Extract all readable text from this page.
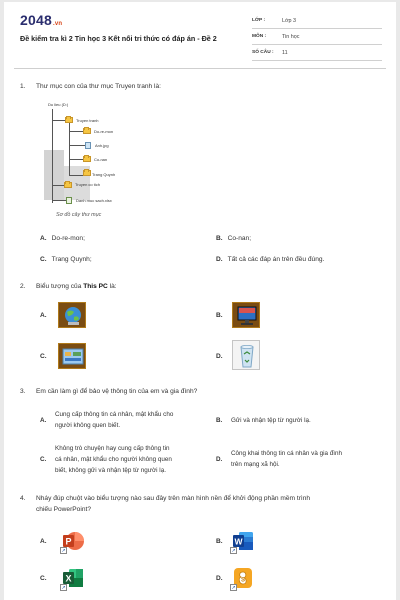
2048.vn
Đề kiểm tra kì 2 Tin học 3 Kết nối tri thức có đáp án - Đề 2
LỚP :	Lớp 3
MÔN :	Tin học
SỐ CÂU :	11
1. Thư mục con của thư mục Truyen tranh là:
Du lieu (D:)
Truyen tranh
Do-re-mon
Anh.jpg
Co-nan
Trang Quynh
Truyen co tich
Danh muc sach.xlsx
Sơ đồ cây thư mục
A. Do-re-mon;	B. Co-nan;
C. Trang Quynh;	D. Tất cả các đáp án trên đều đúng.
2. Biểu tượng của This PC là:
A.	B.
C.	D.
3. Em cần làm gì để bảo vệ thông tin của em và gia đình?
A.
Cung cấp thông tin cá nhân, mật khẩu cho
người không quen biết.
B. Gửi và nhận tệp từ người lạ.
C.
Không trò chuyện hay cung cấp thông tin
cá nhân, mật khẩu cho người không quen
biết, không gửi và nhận tệp từ người lạ.
D.
Công khai thông tin cá nhân và gia đình
trên mạng xã hội.
4. Nháy đúp chuột vào biểu tượng nào sau đây trên màn hình nền để khởi động phần mềm trình
chiếu PowerPoint?
A.	P
↗
B.	W
↗
C.	X
↗
D.	S
↗
